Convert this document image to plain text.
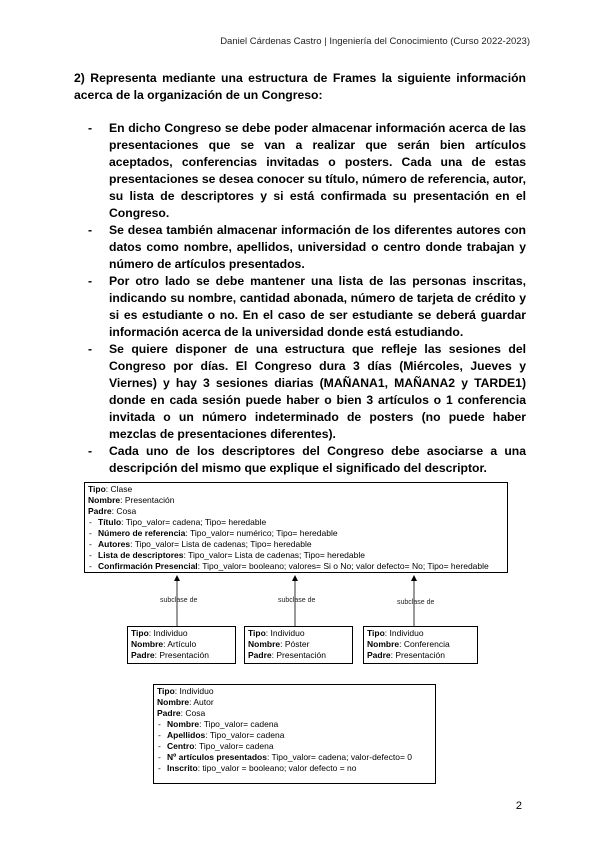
Daniel Cárdenas Castro | Ingeniería del Conocimiento (Curso 2022-2023)
2) Representa mediante una estructura de Frames la siguiente información acerca de la organización de un Congreso:
- En dicho Congreso se debe poder almacenar información acerca de las presentaciones que se van a realizar que serán bien artículos aceptados, conferencias invitadas o posters. Cada una de estas presentaciones se desea conocer su título, número de referencia, autor, su lista de descriptores y si está confirmada su presentación en el Congreso.
- Se desea también almacenar información de los diferentes autores con datos como nombre, apellidos, universidad o centro donde trabajan y número de artículos presentados.
- Por otro lado se debe mantener una lista de las personas inscritas, indicando su nombre, cantidad abonada, número de tarjeta de crédito y si es estudiante o no. En el caso de ser estudiante se deberá guardar información acerca de la universidad donde está estudiando.
- Se quiere disponer de una estructura que refleje las sesiones del Congreso por días. El Congreso dura 3 días (Miércoles, Jueves y Viernes) y hay 3 sesiones diarias (MAÑANA1, MAÑANA2 y TARDE1) donde en cada sesión puede haber o bien 3 artículos o 1 conferencia invitada o un número indeterminado de posters (no puede haber mezclas de presentaciones diferentes).
- Cada uno de los descriptores del Congreso debe asociarse a una descripción del mismo que explique el significado del descriptor.
subclase de	subclase de	subclase de
Tipo: Clase
Nombre: Presentación
Padre: Cosa
- Título: Tipo_valor= cadena; Tipo= heredable
- Número de referencia: Tipo_valor= numérico; Tipo= heredable
- Autores: Tipo_valor= Lista de cadenas; Tipo= heredable
- Lista de descriptores: Tipo_valor= Lista de cadenas; Tipo= heredable
- Confirmación Presencial: Tipo_valor= booleano; valores= Si o No; valor defecto= No; Tipo= heredable
Tipo: Individuo
Nombre: Artículo
Padre: Presentación
Tipo: Individuo
Nombre: Póster
Padre: Presentación
Tipo: Individuo
Nombre: Conferencia
Padre: Presentación
Tipo: Individuo
Nombre: Autor
Padre: Cosa
- Nombre: Tipo_valor= cadena
- Apellidos: Tipo_valor= cadena
- Centro: Tipo_valor= cadena
- Nº artículos presentados: Tipo_valor= cadena; valor-defecto= 0
- Inscrito: tipo_valor = booleano; valor defecto = no
2
